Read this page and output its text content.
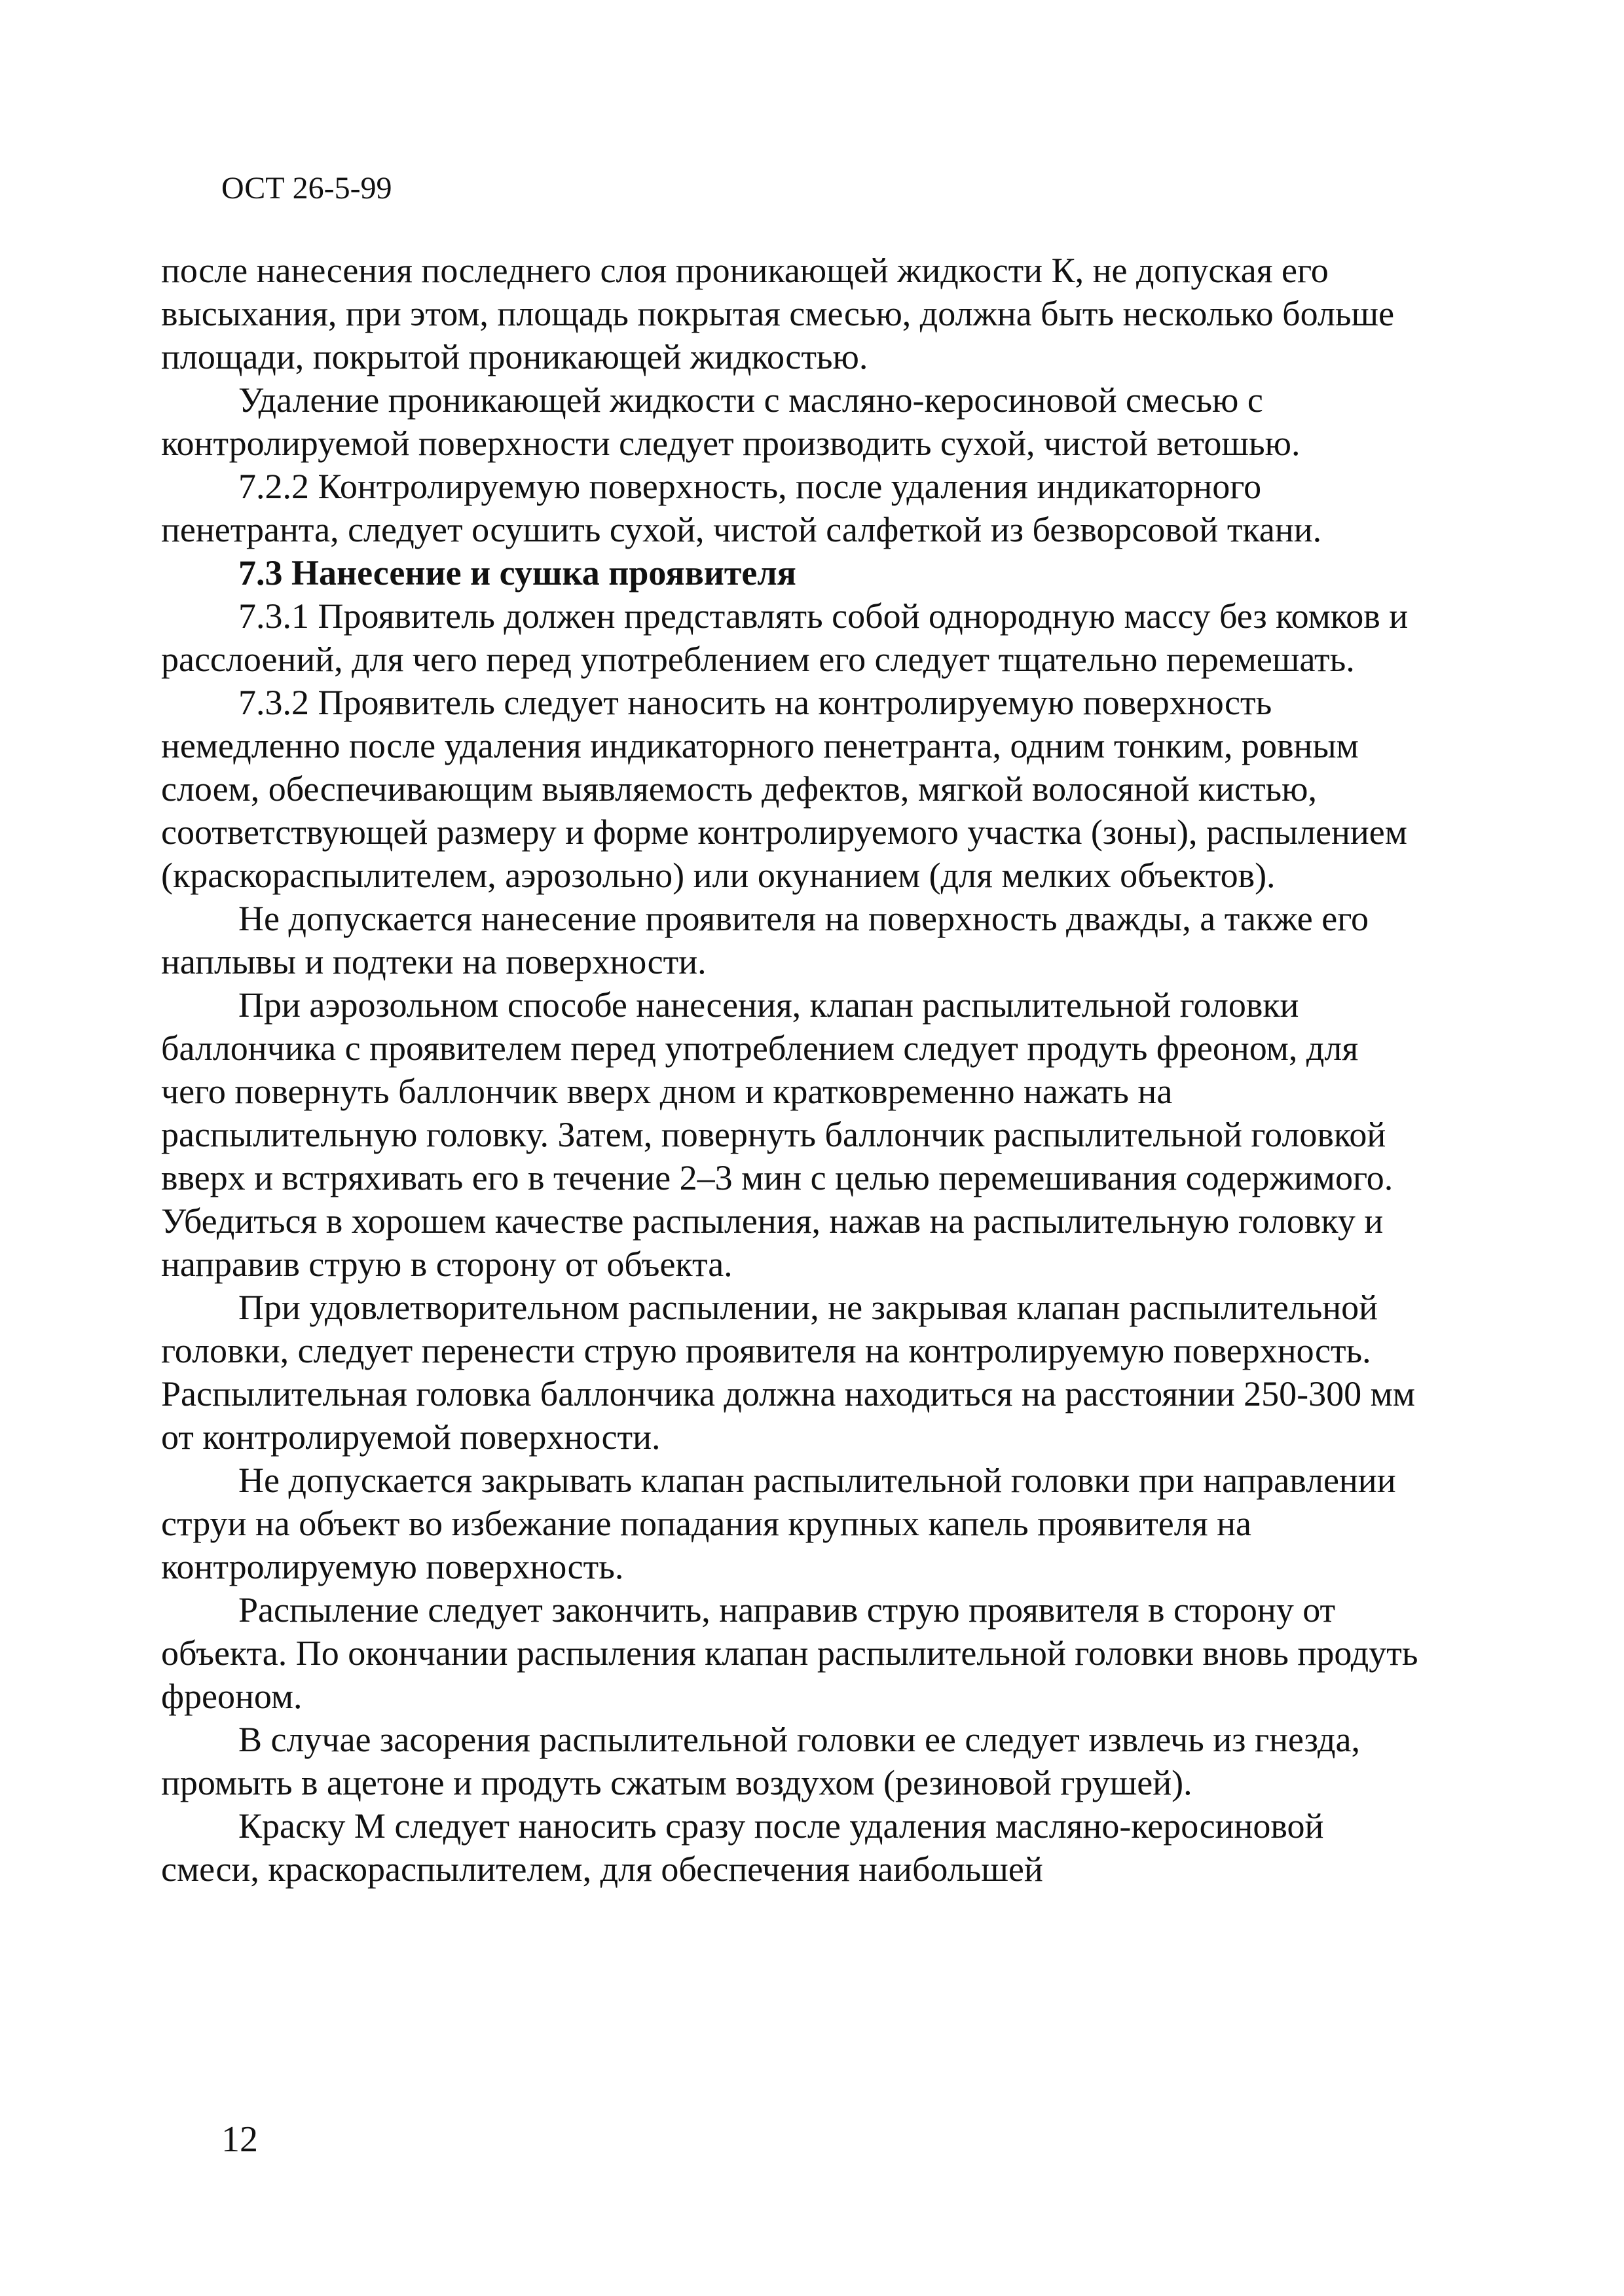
ОСТ 26-5-99

после нанесения последнего слоя проникающей жидкости К, не допуская его высыхания, при этом, площадь покрытая смесью, должна быть несколько больше площади, покрытой проникающей жидкостью.

Удаление проникающей жидкости с масляно-керосиновой смесью с контролируемой поверхности следует производить сухой, чистой ветошью.

7.2.2 Контролируемую поверхность, после удаления индикаторного пенетранта, следует осушить сухой, чистой салфеткой из безворсовой ткани.

7.3 Нанесение и сушка проявителя

7.3.1 Проявитель должен представлять собой однородную массу без комков и расслоений, для чего перед употреблением его следует тщательно перемешать.

7.3.2 Проявитель следует наносить на контролируемую поверхность немедленно после удаления индикаторного пенетранта, одним тонким, ровным слоем, обеспечивающим выявляемость дефектов, мягкой волосяной кистью, соответствующей размеру и форме контролируемого участка (зоны), распылением (краскораспылителем, аэрозольно) или окунанием (для мелких объектов).

Не допускается нанесение проявителя на поверхность дважды, а также его наплывы и подтеки на поверхности.

При аэрозольном способе нанесения, клапан распылительной головки баллончика с проявителем перед употреблением следует продуть фреоном, для чего повернуть баллончик вверх дном и кратковременно нажать на распылительную головку. Затем, повернуть баллончик распылительной головкой вверх и встряхивать его в течение 2–3 мин с целью перемешивания содержимого. Убедиться в хорошем качестве распыления, нажав на распылительную головку и направив струю в сторону от объекта.

При удовлетворительном распылении, не закрывая клапан распылительной головки, следует перенести струю проявителя на контролируемую поверхность. Распылительная головка баллончика должна находиться на расстоянии 250-300 мм от контролируемой поверхности.

Не допускается закрывать клапан распылительной головки при направлении струи на объект во избежание попадания крупных капель проявителя на контролируемую поверхность.

Распыление следует закончить, направив струю проявителя в сторону от объекта. По окончании распыления клапан распылительной головки вновь продуть фреоном.

В случае засорения распылительной головки ее следует извлечь из гнезда, промыть в ацетоне и продуть сжатым воздухом (резиновой грушей).

Краску М следует наносить сразу после удаления масляно-керосиновой смеси, краскораспылителем, для обеспечения наибольшей

12
